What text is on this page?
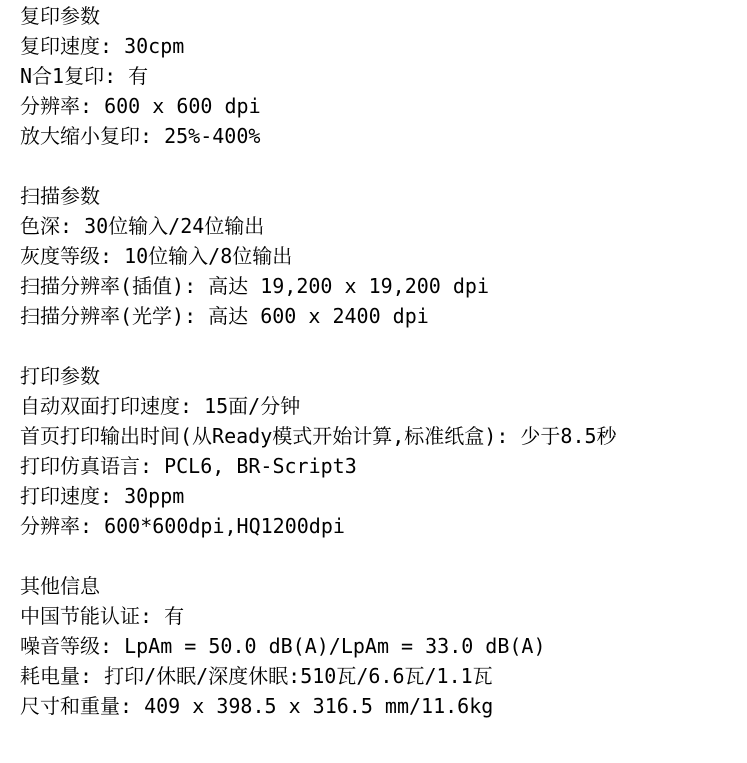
复印参数
复印速度: 30cpm
N合1复印: 有
分辨率: 600 x 600 dpi
放大缩小复印: 25%-400%
扫描参数
色深: 30位输入/24位输出
灰度等级: 10位输入/8位输出
扫描分辨率(插值): 高达 19,200 x 19,200 dpi
扫描分辨率(光学): 高达 600 x 2400 dpi
打印参数
自动双面打印速度: 15面/分钟
首页打印输出时间(从Ready模式开始计算,标准纸盒): 少于8.5秒
打印仿真语言: PCL6, BR-Script3
打印速度: 30ppm
分辨率: 600*600dpi,HQ1200dpi
其他信息
中国节能认证: 有
噪音等级: LpAm = 50.0 dB(A)/LpAm = 33.0 dB(A)
耗电量: 打印/休眠/深度休眠:510瓦/6.6瓦/1.1瓦
尺寸和重量: 409 x 398.5 x 316.5 mm/11.6kg
